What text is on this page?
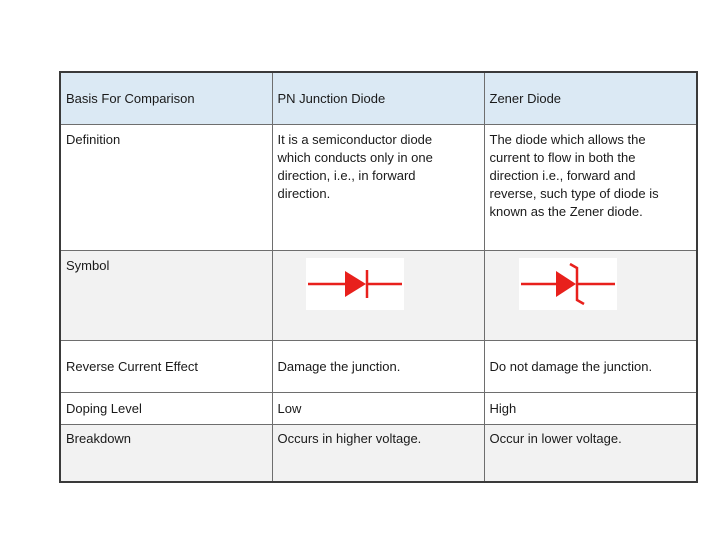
Basis For Comparison	PN Junction Diode	Zener Diode
Definition	It is a semiconductor diode which conducts only in one direction, i.e., in forward direction.	The diode which allows the current to flow in both the direction i.e., forward and reverse, such type of diode is known as the Zener diode.
Symbol	

Reverse Current Effect	Damage the junction.	Do not damage the junction.
Doping Level	Low	High
Breakdown	Occurs in higher voltage.	Occur in lower voltage.
